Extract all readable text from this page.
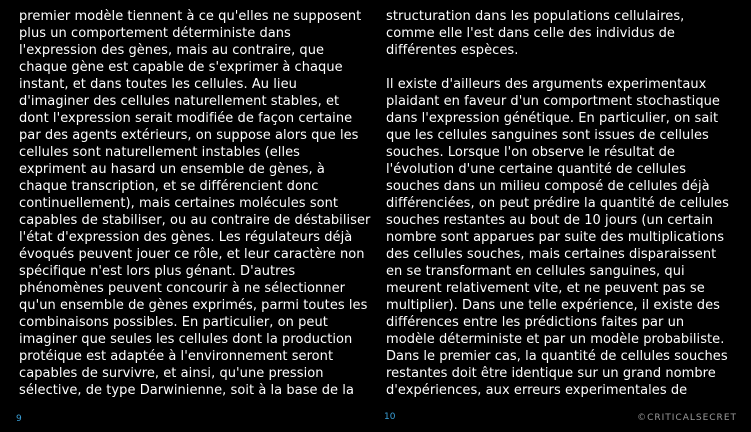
premier modèle tiennent à ce qu'elles ne supposent
plus un comportement déterministe dans
l'expression des gènes, mais au contraire, que
chaque gène est capable de s'exprimer à chaque
instant, et dans toutes les cellules. Au lieu
d'imaginer des cellules naturellement stables, et
dont l'expression serait modifiée de façon certaine
par des agents extérieurs, on suppose alors que les
cellules sont naturellement instables (elles
expriment au hasard un ensemble de gènes, à
chaque transcription, et se différencient donc
continuellement), mais certaines molécules sont
capables de stabiliser, ou au contraire de déstabiliser
l'état d'expression des gènes. Les régulateurs déjà
évoqués peuvent jouer ce rôle, et leur caractère non
spécifique n'est lors plus génant. D'autres
phénomènes peuvent concourir à ne sélectionner
qu'un ensemble de gènes exprimés, parmi toutes les
combinaisons possibles. En particulier, on peut
imaginer que seules les cellules dont la production
protéique est adaptée à l'environnement seront
capables de survivre, et ainsi, qu'une pression
sélective, de type Darwinienne, soit à la base de la
structuration dans les populations cellulaires,
comme elle l'est dans celle des individus de
différentes espèces.
Il existe d'ailleurs des arguments experimentaux
plaidant en faveur d'un comportment stochastique
dans l'expression génétique. En particulier, on sait
que les cellules sanguines sont issues de cellules
souches. Lorsque l'on observe le résultat de
l'évolution d'une certaine quantité de cellules
souches dans un milieu composé de cellules déjà
différenciées, on peut prédire la quantité de cellules
souches restantes au bout de 10 jours (un certain
nombre sont apparues par suite des multiplications
des cellules souches, mais certaines disparaissent
en se transformant en cellules sanguines, qui
meurent relativement vite, et ne peuvent pas se
multiplier). Dans une telle expérience, il existe des
différences entre les prédictions faites par un
modèle déterministe et par un modèle probabiliste.
Dans le premier cas, la quantité de cellules souches
restantes doit être identique sur un grand nombre
d'expériences, aux erreurs experimentales de
9	10	©CRITICALSECRET
